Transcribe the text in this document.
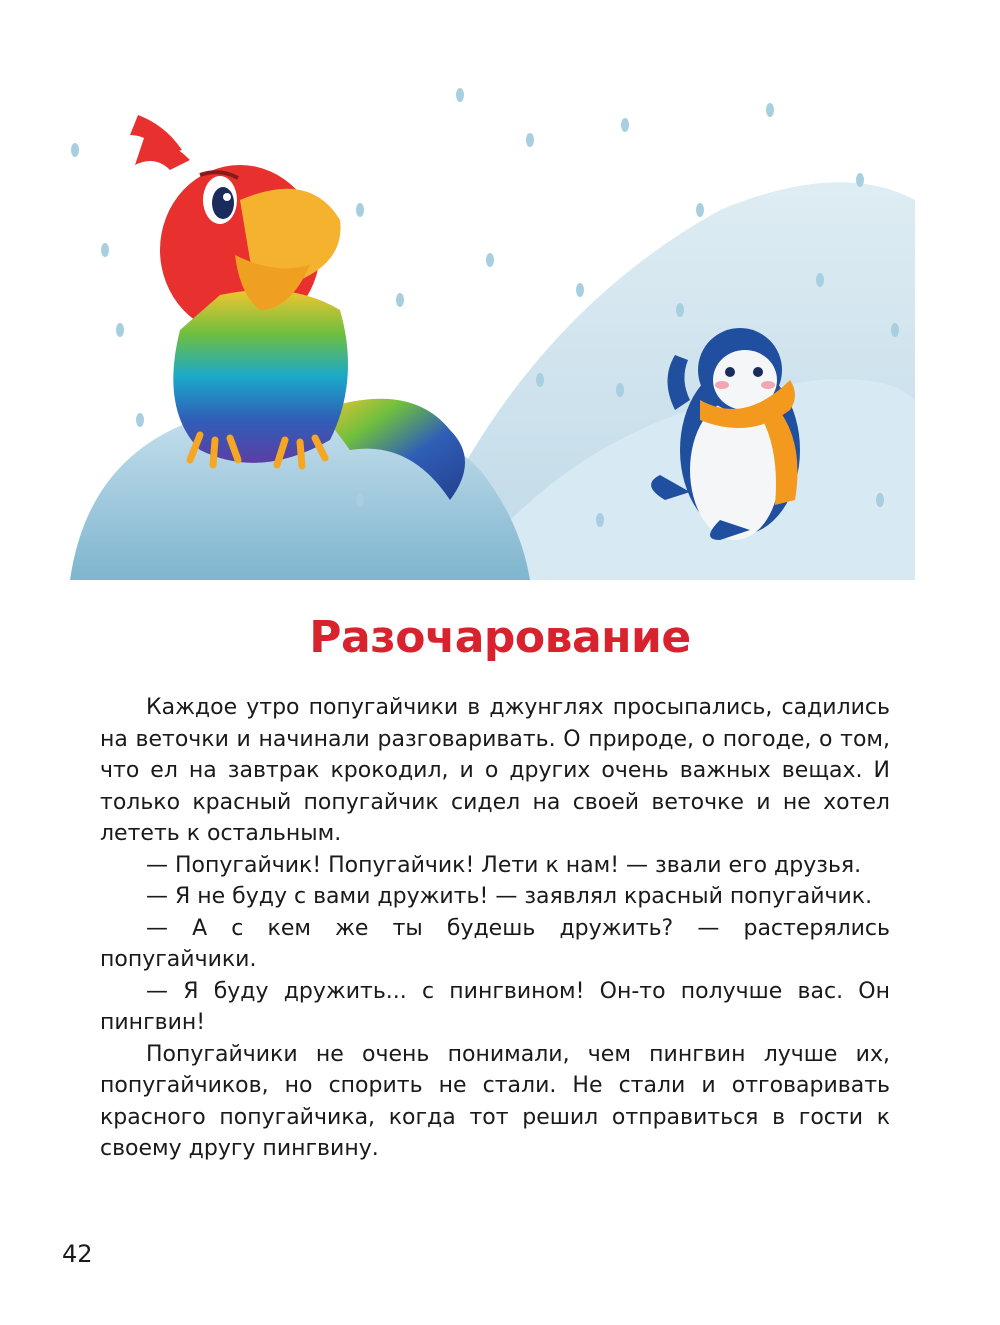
Разочарование

Каждое утро попугайчики в джунглях просыпались, садились на веточки и начинали разговаривать. О природе, о погоде, о том, что ел на завтрак крокодил, и о других очень важных вещах. И только красный попугайчик сидел на своей веточке и не хотел лететь к остальным.

— Попугайчик! Попугайчик! Лети к нам! — звали его друзья.

— Я не буду с вами дружить! — заявлял красный попугайчик.

— А с кем же ты будешь дружить? — растерялись попугайчики.

— Я буду дружить... с пингвином! Он-то получше вас. Он пингвин!

Попугайчики не очень понимали, чем пингвин лучше их, попугайчиков, но спорить не стали. Не стали и отговаривать красного попугайчика, когда тот решил отправиться в гости к своему другу пингвину.

42
